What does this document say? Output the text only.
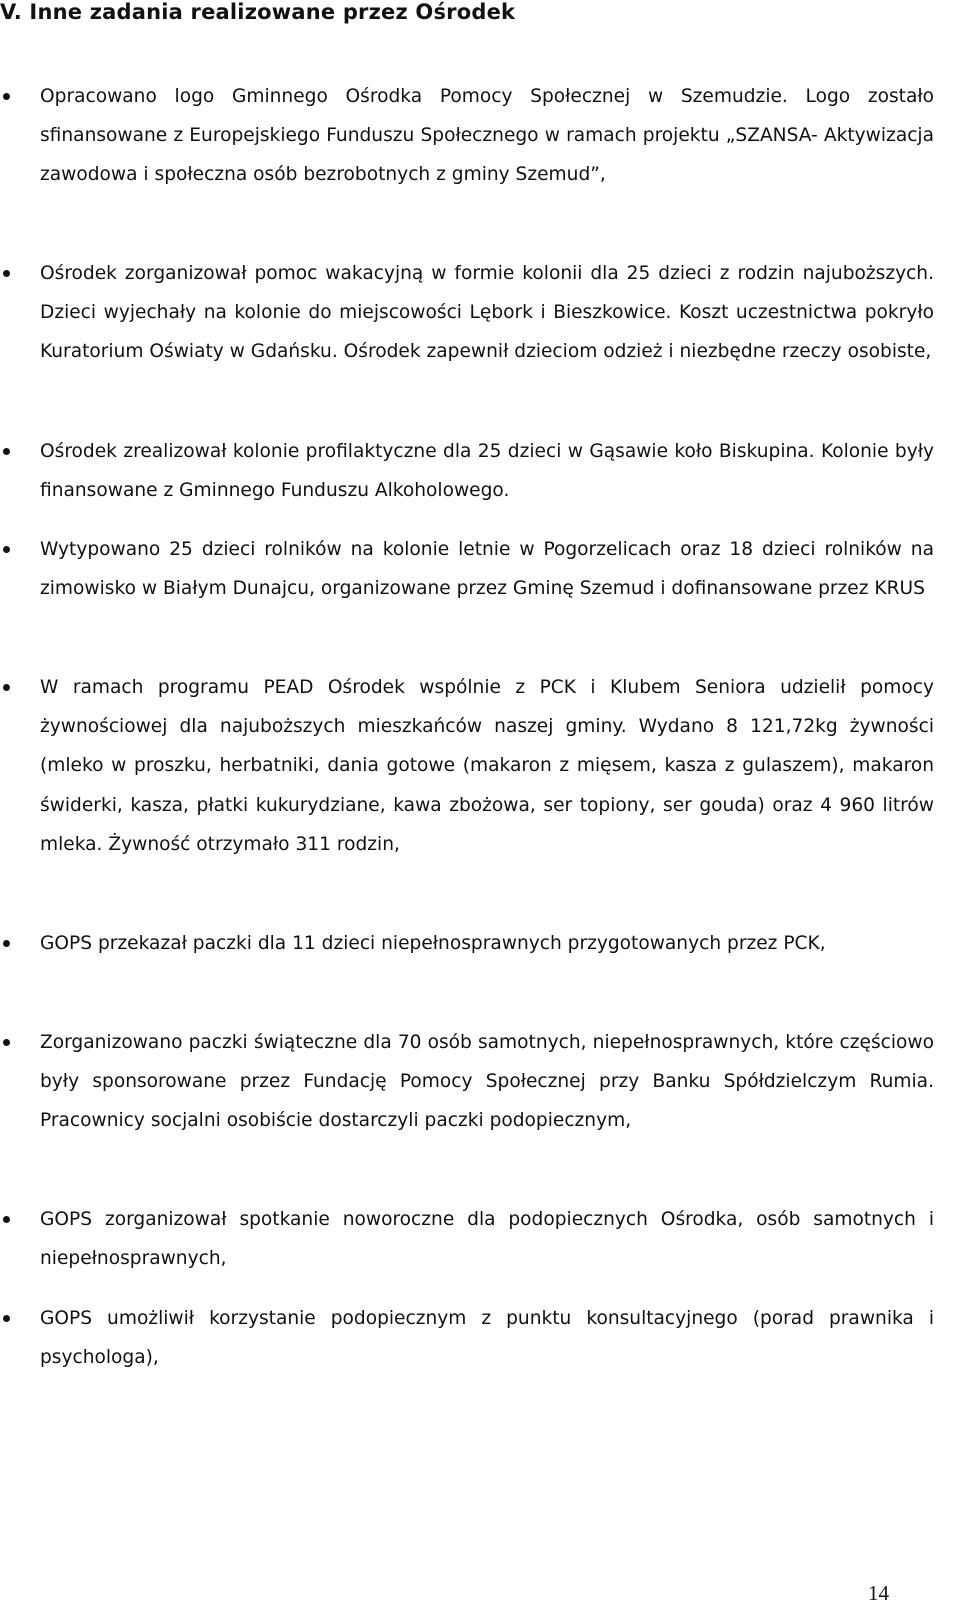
V. Inne zadania realizowane przez Ośrodek
Opracowano logo Gminnego Ośrodka Pomocy Społecznej w Szemudzie. Logo zostało sfinansowane z Europejskiego Funduszu Społecznego w ramach projektu „SZANSA- Aktywizacja zawodowa i społeczna osób bezrobotnych z gminy Szemud”,
Ośrodek zorganizował pomoc wakacyjną w formie kolonii dla 25 dzieci z rodzin najuboższych. Dzieci wyjechały na kolonie do miejscowości Lębork i Bieszkowice. Koszt uczestnictwa pokryło Kuratorium Oświaty w Gdańsku. Ośrodek zapewnił dzieciom odzież i niezbędne rzeczy osobiste,
Ośrodek zrealizował kolonie profilaktyczne dla 25 dzieci w Gąsawie koło Biskupina. Kolonie były finansowane z Gminnego Funduszu Alkoholowego.
Wytypowano 25 dzieci rolników na kolonie letnie w Pogorzelicach oraz 18 dzieci rolników na zimowisko w Białym Dunajcu, organizowane przez Gminę Szemud i dofinansowane przez KRUS
W ramach programu PEAD Ośrodek wspólnie z PCK i Klubem Seniora udzielił pomocy żywnościowej dla najuboższych mieszkańców naszej gminy. Wydano 8 121,72kg żywności (mleko w proszku, herbatniki, dania gotowe (makaron z mięsem, kasza z gulaszem), makaron świderki, kasza, płatki kukurydziane, kawa zbożowa, ser topiony, ser gouda) oraz 4 960 litrów mleka. Żywność otrzymało 311 rodzin,
GOPS przekazał paczki dla 11 dzieci niepełnosprawnych przygotowanych przez PCK,
Zorganizowano paczki świąteczne dla 70 osób samotnych, niepełnosprawnych, które częściowo były sponsorowane przez Fundację Pomocy Społecznej przy Banku Spółdzielczym Rumia. Pracownicy socjalni osobiście dostarczyli paczki podopiecznym,
GOPS zorganizował spotkanie noworoczne dla podopiecznych Ośrodka, osób samotnych i niepełnosprawnych,
GOPS umożliwił korzystanie podopiecznym z punktu konsultacyjnego (porad prawnika i psychologa),
14
